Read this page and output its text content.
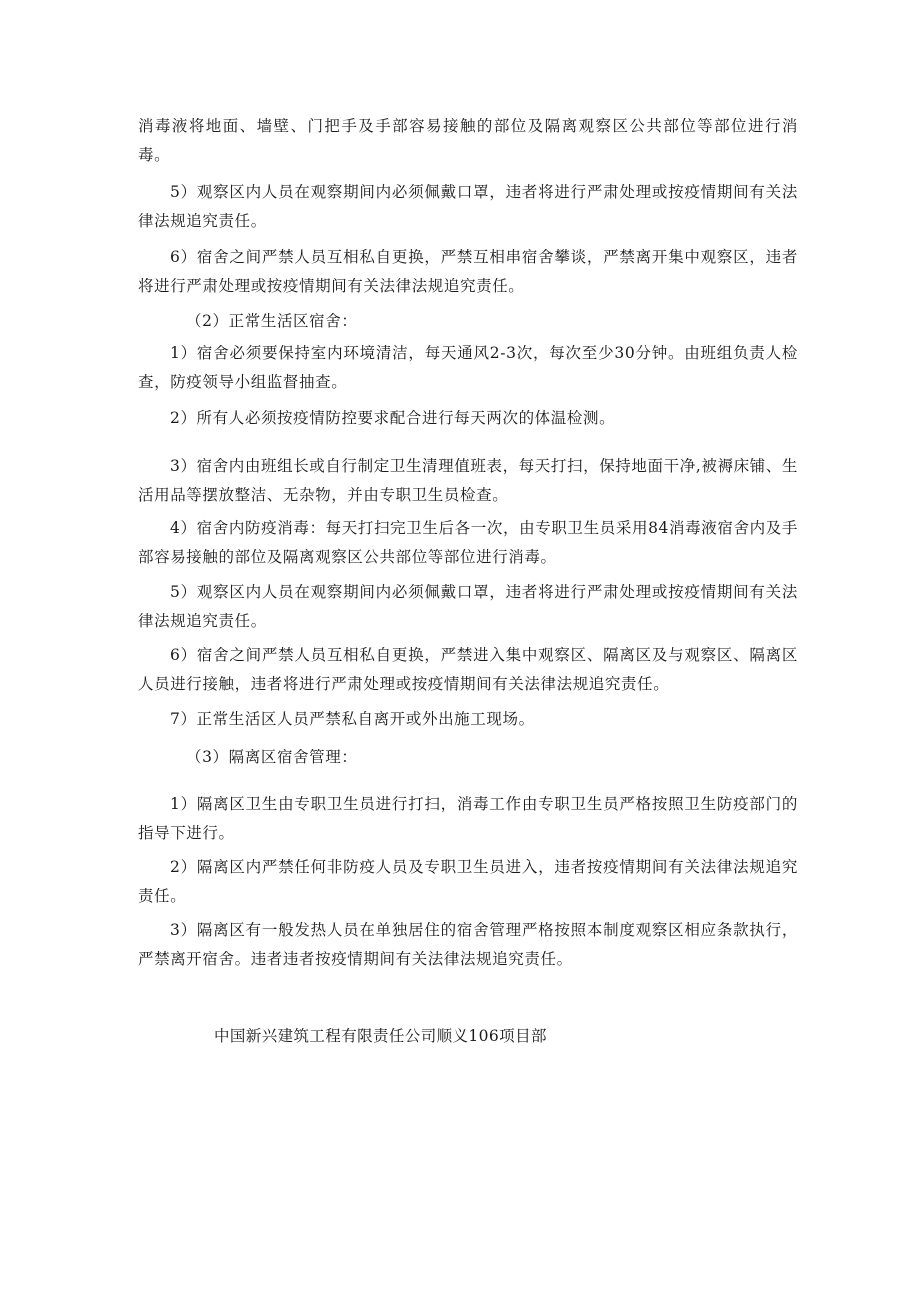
消毒液将地面、墙壁、门把手及手部容易接触的部位及隔离观察区公共部位等部位进行消毒。

5）观察区内人员在观察期间内必须佩戴口罩，违者将进行严肃处理或按疫情期间有关法律法规追究责任。

6）宿舍之间严禁人员互相私自更换，严禁互相串宿舍攀谈，严禁离开集中观察区，违者将进行严肃处理或按疫情期间有关法律法规追究责任。

（2）正常生活区宿舍：

1）宿舍必须要保持室内环境清洁，每天通风2-3次，每次至少30分钟。由班组负责人检查，防疫领导小组监督抽查。

2）所有人必须按疫情防控要求配合进行每天两次的体温检测。

3）宿舍内由班组长或自行制定卫生清理值班表，每天打扫，保持地面干净,被褥床铺、生活用品等摆放整洁、无杂物，并由专职卫生员检查。

4）宿舍内防疫消毒：每天打扫完卫生后各一次，由专职卫生员采用84消毒液宿舍内及手部容易接触的部位及隔离观察区公共部位等部位进行消毒。

5）观察区内人员在观察期间内必须佩戴口罩，违者将进行严肃处理或按疫情期间有关法律法规追究责任。

6）宿舍之间严禁人员互相私自更换，严禁进入集中观察区、隔离区及与观察区、隔离区人员进行接触，违者将进行严肃处理或按疫情期间有关法律法规追究责任。

7）正常生活区人员严禁私自离开或外出施工现场。

（3）隔离区宿舍管理：

1）隔离区卫生由专职卫生员进行打扫，消毒工作由专职卫生员严格按照卫生防疫部门的指导下进行。

2）隔离区内严禁任何非防疫人员及专职卫生员进入，违者按疫情期间有关法律法规追究责任。

3）隔离区有一般发热人员在单独居住的宿舍管理严格按照本制度观察区相应条款执行，严禁离开宿舍。违者违者按疫情期间有关法律法规追究责任。

中国新兴建筑工程有限责任公司顺义106项目部
